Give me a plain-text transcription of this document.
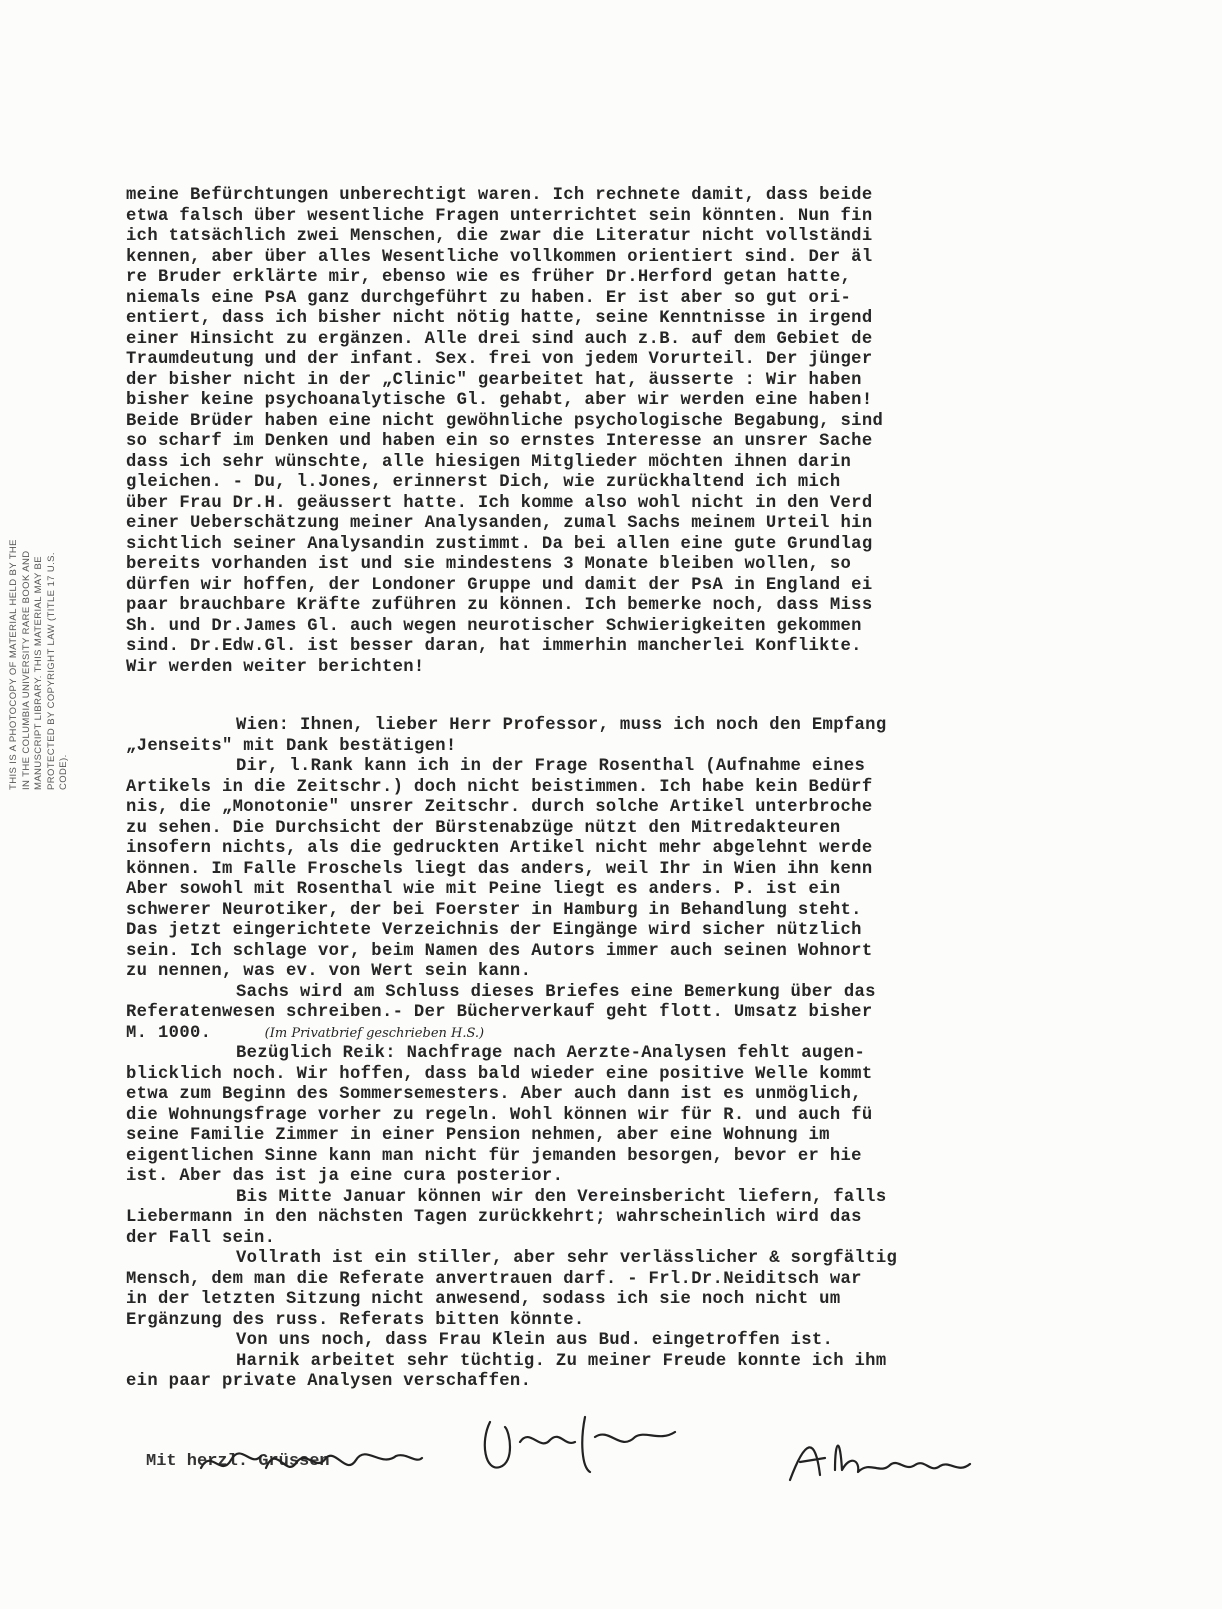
THIS IS A PHOTOCOPY OF MATERIAL HELD BY THE IN THE COLUMBIA UNIVERSITY RARE BOOK AND MANUSCRIPT LIBRARY. THIS MATERIAL MAY BE PROTECTED BY COPYRIGHT LAW (TITLE 17 U.S. CODE).
meine Befürchtungen unberechtigt waren. Ich rechnete damit, dass beide
etwa falsch über wesentliche Fragen unterrichtet sein könnten. Nun fin
ich tatsächlich zwei Menschen, die zwar die Literatur nicht vollständi
kennen, aber über alles Wesentliche vollkommen orientiert sind. Der äl
re Bruder erklärte mir, ebenso wie es früher Dr.Herford getan hatte,
niemals eine PsA ganz durchgeführt zu haben. Er ist aber so gut ori-
entiert, dass ich bisher nicht nötig hatte, seine Kenntnisse in irgend
einer Hinsicht zu ergänzen. Alle drei sind auch z.B. auf dem Gebiet de
Traumdeutung und der infant. Sex. frei von jedem Vorurteil. Der jünger
der bisher nicht in der „Clinic" gearbeitet hat, äusserte : Wir haben
bisher keine psychoanalytische Gl. gehabt, aber wir werden eine haben!
Beide Brüder haben eine nicht gewöhnliche psychologische Begabung, sind
so scharf im Denken und haben ein so ernstes Interesse an unsrer Sache
dass ich sehr wünschte, alle hiesigen Mitglieder möchten ihnen darin
gleichen. - Du, l.Jones, erinnerst Dich, wie zurückhaltend ich mich
über Frau Dr.H. geäussert hatte. Ich komme also wohl nicht in den Verd
einer Ueberschätzung meiner Analysanden, zumal Sachs meinem Urteil hin
sichtlich seiner Analysandin zustimmt. Da bei allen eine gute Grundlag
bereits vorhanden ist und sie mindestens 3 Monate bleiben wollen, so
dürfen wir hoffen, der Londoner Gruppe und damit der PsA in England ei
paar brauchbare Kräfte zuführen zu können. Ich bemerke noch, dass Miss
Sh. und Dr.James Gl. auch wegen neurotischer Schwierigkeiten gekommen
sind. Dr.Edw.Gl. ist besser daran, hat immerhin mancherlei Konflikte.
Wir werden weiter berichten!
Wien: Ihnen, lieber Herr Professor, muss ich noch den Empfang
„Jenseits" mit Dank bestätigen!
Dir, l.Rank kann ich in der Frage Rosenthal (Aufnahme eines
Artikels in die Zeitschr.) doch nicht beistimmen. Ich habe kein Bedürf
nis, die „Monotonie" unsrer Zeitschr. durch solche Artikel unterbroche
zu sehen. Die Durchsicht der Bürstenabzüge nützt den Mitredakteuren
insofern nichts, als die gedruckten Artikel nicht mehr abgelehnt werde
können. Im Falle Froschels liegt das anders, weil Ihr in Wien ihn kenn
Aber sowohl mit Rosenthal wie mit Peine liegt es anders. P. ist ein
schwerer Neurotiker, der bei Foerster in Hamburg in Behandlung steht.
Das jetzt eingerichtete Verzeichnis der Eingänge wird sicher nützlich
sein. Ich schlage vor, beim Namen des Autors immer auch seinen Wohnort
zu nennen, was ev. von Wert sein kann.
Sachs wird am Schluss dieses Briefes eine Bemerkung über das
Referatenwesen schreiben.- Der Bücherverkauf geht flott. Umsatz bisher
M. 1000.	(Im Privatbrief geschrieben H.S.)
Bezüglich Reik: Nachfrage nach Aerzte-Analysen fehlt augen-
blicklich noch. Wir hoffen, dass bald wieder eine positive Welle kommt
etwa zum Beginn des Sommersemesters. Aber auch dann ist es unmöglich,
die Wohnungsfrage vorher zu regeln. Wohl können wir für R. und auch fü
seine Familie Zimmer in einer Pension nehmen, aber eine Wohnung im
eigentlichen Sinne kann man nicht für jemanden besorgen, bevor er hie
ist. Aber das ist ja eine cura posterior.
Bis Mitte Januar können wir den Vereinsbericht liefern, falls
Liebermann in den nächsten Tagen zurückkehrt; wahrscheinlich wird das
der Fall sein.
Vollrath ist ein stiller, aber sehr verlässlicher & sorgfältig
Mensch, dem man die Referate anvertrauen darf. - Frl.Dr.Neiditsch war
in der letzten Sitzung nicht anwesend, sodass ich sie noch nicht um
Ergänzung des russ. Referats bitten könnte.
Von uns noch, dass Frau Klein aus Bud. eingetroffen ist.
Harnik arbeitet sehr tüchtig. Zu meiner Freude konnte ich ihm
ein paar private Analysen verschaffen.
Mit herzl. Grüssen
